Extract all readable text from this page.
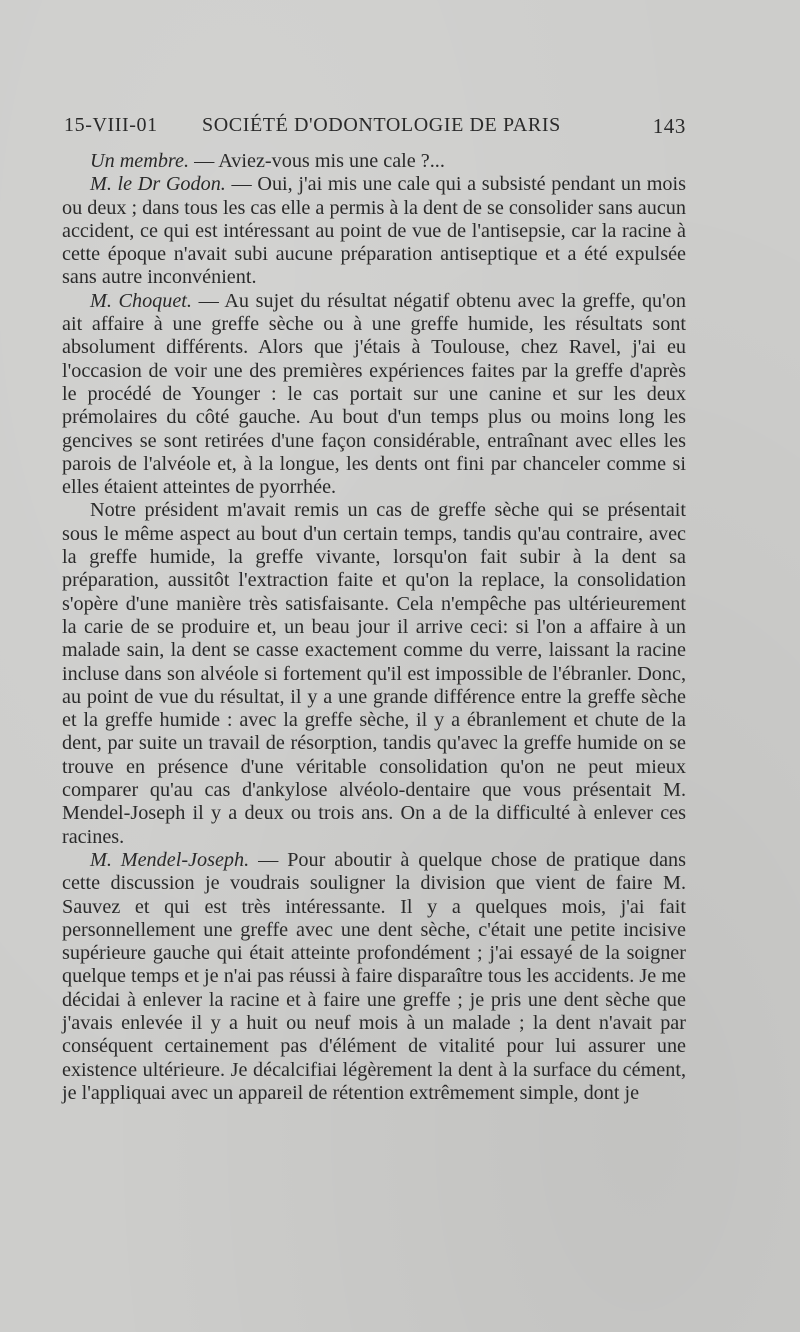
15-VIII-01 SOCIÉTÉ D'ODONTOLOGIE DE PARIS	143

Un membre. — Aviez-vous mis une cale ?...

M. le Dr Godon. — Oui, j'ai mis une cale qui a subsisté pendant un mois ou deux ; dans tous les cas elle a permis à la dent de se consolider sans aucun accident, ce qui est intéressant au point de vue de l'antisepsie, car la racine à cette époque n'avait subi aucune préparation antiseptique et a été expulsée sans autre inconvénient.

M. Choquet. — Au sujet du résultat négatif obtenu avec la greffe, qu'on ait affaire à une greffe sèche ou à une greffe humide, les résultats sont absolument différents. Alors que j'étais à Toulouse, chez Ravel, j'ai eu l'occasion de voir une des premières expériences faites par la greffe d'après le procédé de Younger : le cas portait sur une canine et sur les deux prémolaires du côté gauche. Au bout d'un temps plus ou moins long les gencives se sont retirées d'une façon considérable, entraînant avec elles les parois de l'alvéole et, à la longue, les dents ont fini par chanceler comme si elles étaient atteintes de pyorrhée.

Notre président m'avait remis un cas de greffe sèche qui se présentait sous le même aspect au bout d'un certain temps, tandis qu'au contraire, avec la greffe humide, la greffe vivante, lorsqu'on fait subir à la dent sa préparation, aussitôt l'extraction faite et qu'on la replace, la consolidation s'opère d'une manière très satisfaisante. Cela n'empêche pas ultérieurement la carie de se produire et, un beau jour il arrive ceci: si l'on a affaire à un malade sain, la dent se casse exactement comme du verre, laissant la racine incluse dans son alvéole si fortement qu'il est impossible de l'ébranler. Donc, au point de vue du résultat, il y a une grande différence entre la greffe sèche et la greffe humide : avec la greffe sèche, il y a ébranlement et chute de la dent, par suite un travail de résorption, tandis qu'avec la greffe humide on se trouve en présence d'une véritable consolidation qu'on ne peut mieux comparer qu'au cas d'ankylose alvéolo-dentaire que vous présentait M. Mendel-Joseph il y a deux ou trois ans. On a de la difficulté à enlever ces racines.

M. Mendel-Joseph. — Pour aboutir à quelque chose de pratique dans cette discussion je voudrais souligner la division que vient de faire M. Sauvez et qui est très intéressante. Il y a quelques mois, j'ai fait personnellement une greffe avec une dent sèche, c'était une petite incisive supérieure gauche qui était atteinte profondément ; j'ai essayé de la soigner quelque temps et je n'ai pas réussi à faire disparaître tous les accidents. Je me décidai à enlever la racine et à faire une greffe ; je pris une dent sèche que j'avais enlevée il y a huit ou neuf mois à un malade ; la dent n'avait par conséquent certainement pas d'élément de vitalité pour lui assurer une existence ultérieure. Je décalcifiai légèrement la dent à la surface du cément, je l'appliquai avec un appareil de rétention extrêmement simple, dont je
